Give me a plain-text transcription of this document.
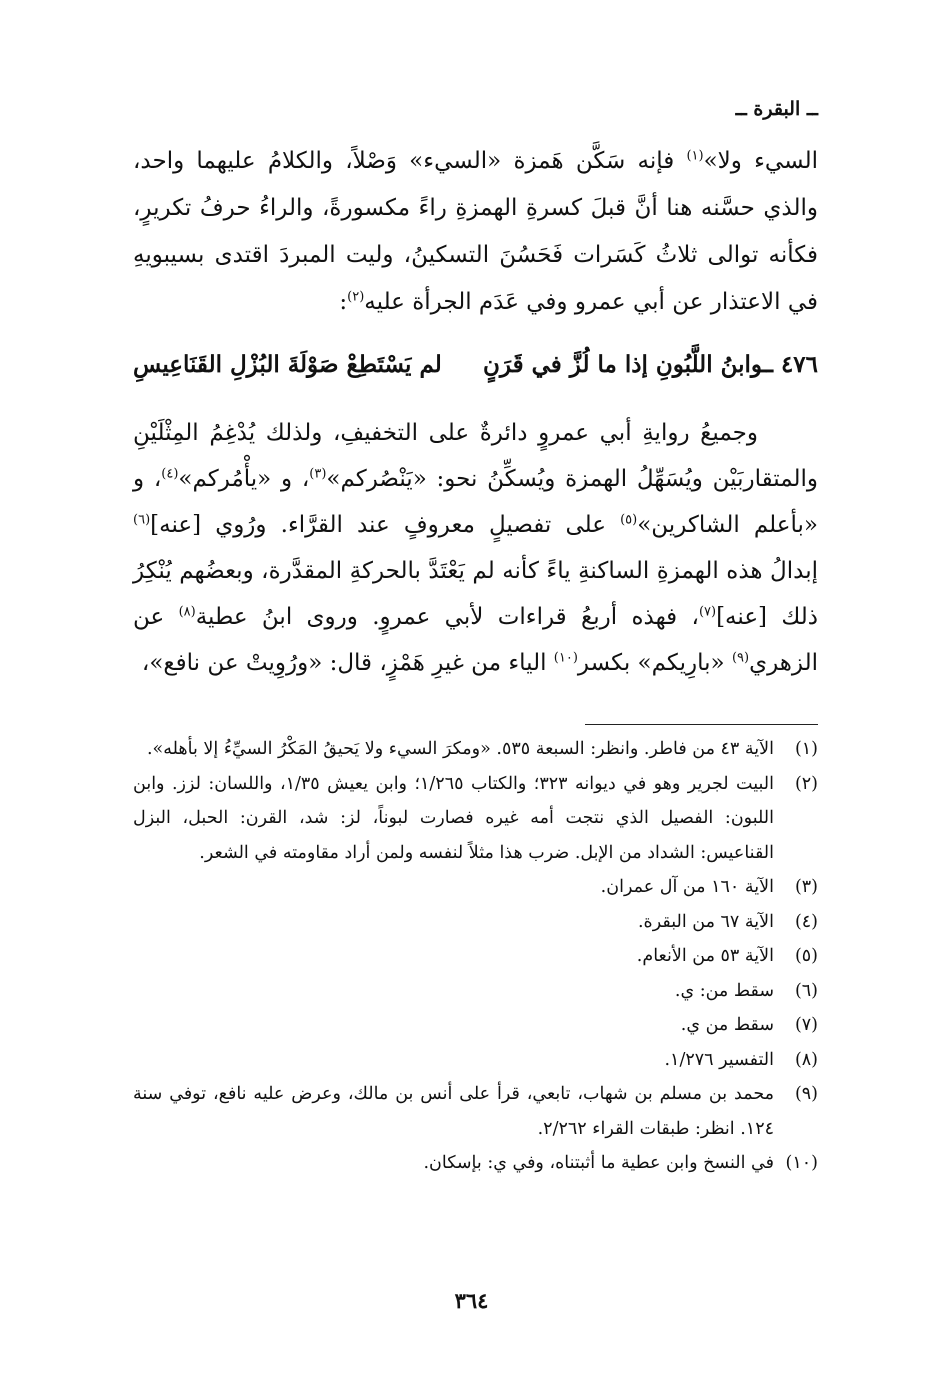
ــ البقرة ــ

السيء ولا»$^{(١)}$ فإنه سَكَّن هَمزة «السيء» وَصْلاً، والكلامُ عليهما واحد، والذي حسَّنه هنا أنَّ قبلَ كسرةِ الهمزةِ راءً مكسورةً، والراءُ حرفُ تكريرٍ، فكأنه توالى ثلاثُ كَسَرات فَحَسُنَ التسكينُ، وليت المبردَ اقتدى بسيبويهِ في الاعتذار عن أبي عمرو وفي عَدَم الجرأة عليه$^{(٢)}$:

٤٧٦ ــ
وابنُ اللَّبُونِ إذا ما لُزَّ في قَرَنٍ
لم يَسْتَطِعْ صَوْلَةَ البُزْلِ القَنَاعِيسِ

وجميعُ روايةِ أبي عمروٍ دائرةٌ على التخفيفِ، ولذلك يُدْغِمُ المِثْلَيْنِ والمتقاربَيْن ويُسَهِّلُ الهمزة ويُسكِّنُ نحو: «يَنْصُركم»$^{(٣)}$، و «يأْمُركم»$^{(٤)}$، و «بأعلم الشاكرين»$^{(٥)}$ على تفصيلٍ معروفٍ عند القرَّاء. ورُوي [عنه]$^{(٦)}$ إبدالُ هذه الهمزةِ الساكنةِ ياءً كأنه لم يَعْتَدَّ بالحركةِ المقدَّرة، وبعضُهم يُنْكِرُ ذلك [عنه]$^{(٧)}$، فهذه أربعُ قراءات لأبي عمروٍ. وروى ابنُ عطية$^{(٨)}$ عن الزهري$^{(٩)}$ «بارِيكم» بكسر$^{(١٠)}$ الياء من غيرِ هَمْزٍ، قال: «ورُوِيتْ عن نافع»،

(١)
الآية ٤٣ من فاطر. وانظر: السبعة ٥٣٥. «ومكرَ السيء ولا يَحيقُ المَكْرُ السيِّءُ إلا بأهله».
(٢)
البيت لجرير وهو في ديوانه ٣٢٣؛ والكتاب ١/٢٦٥؛ وابن يعيش ١/٣٥، واللسان: لزز. وابن اللبون: الفصيل الذي نتجت أمه غيره فصارت لبوناً، لز: شد، القرن: الحبل، البزل القناعيس: الشداد من الإبل. ضرب هذا مثلاً لنفسه ولمن أراد مقاومته في الشعر.
(٣)
الآية ١٦٠ من آل عمران.
(٤)
الآية ٦٧ من البقرة.
(٥)
الآية ٥٣ من الأنعام.
(٦)
سقط من: ي.
(٧)
سقط من ي.
(٨)
التفسير ١/٢٧٦.
(٩)
محمد بن مسلم بن شهاب، تابعي، قرأ على أنس بن مالك، وعرض عليه نافع، توفي سنة ١٢٤. انظر: طبقات القراء ٢/٢٦٢.
(١٠)
في النسخ وابن عطية ما أثبتناه، وفي ي: بإسكان.
٣٦٤
